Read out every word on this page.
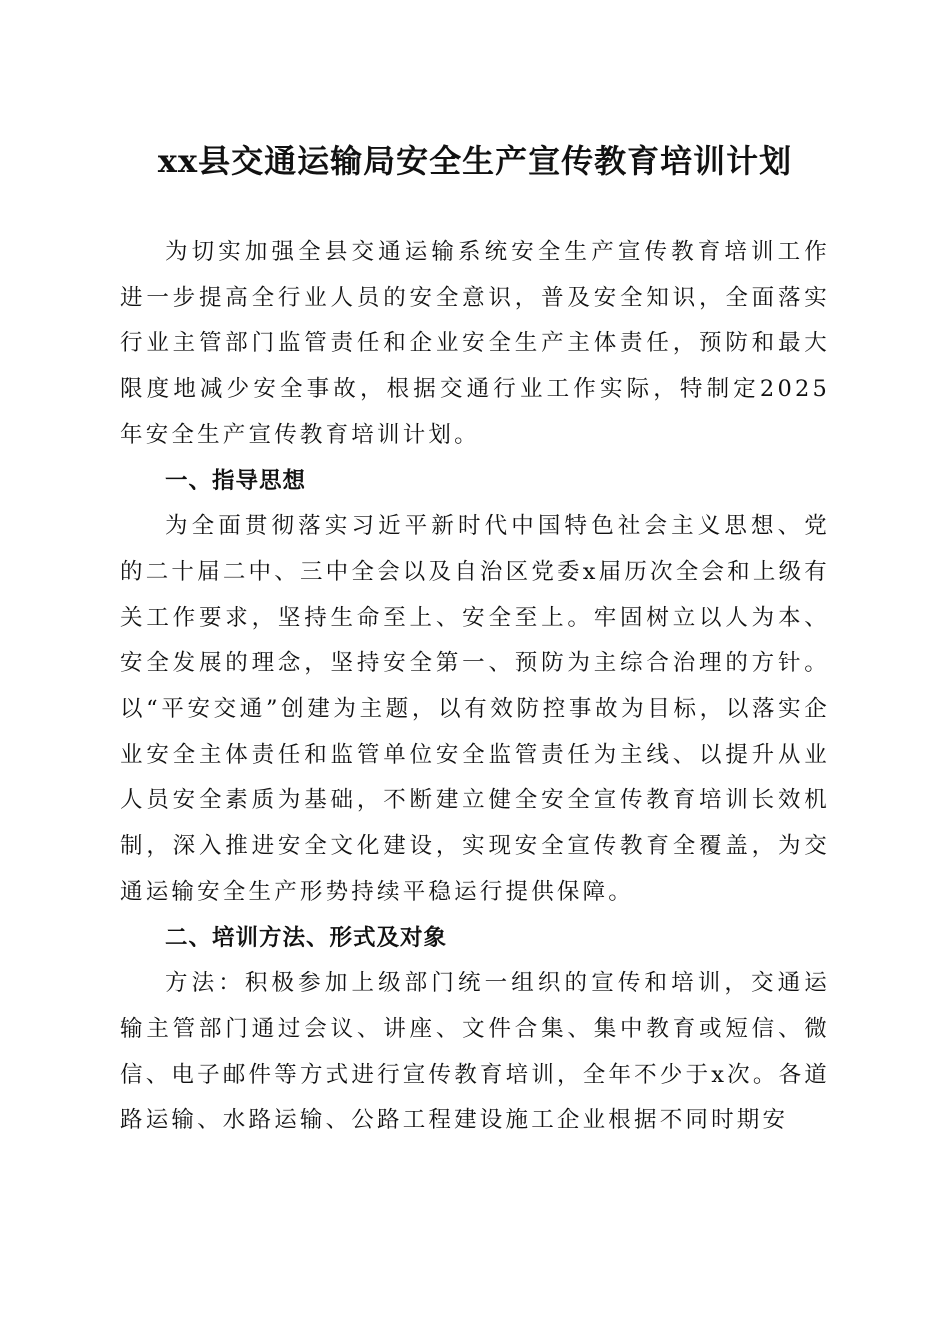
xx县交通运输局安全生产宣传教育培训计划

为切实加强全县交通运输系统安全生产宣传教育培训工作进一步提高全行业人员的安全意识，普及安全知识，全面落实行业主管部门监管责任和企业安全生产主体责任，预防和最大限度地减少安全事故，根据交通行业工作实际，特制定2025年安全生产宣传教育培训计划。

一、指导思想

为全面贯彻落实习近平新时代中国特色社会主义思想、党的二十届二中、三中全会以及自治区党委x届历次全会和上级有关工作要求，坚持生命至上、安全至上。牢固树立以人为本、安全发展的理念，坚持安全第一、预防为主综合治理的方针。以“平安交通”创建为主题，以有效防控事故为目标，以落实企业安全主体责任和监管单位安全监管责任为主线、以提升从业人员安全素质为基础，不断建立健全安全宣传教育培训长效机制，深入推进安全文化建设，实现安全宣传教育全覆盖，为交通运输安全生产形势持续平稳运行提供保障。

二、培训方法、形式及对象

方法：积极参加上级部门统一组织的宣传和培训，交通运输主管部门通过会议、讲座、文件合集、集中教育或短信、微信、电子邮件等方式进行宣传教育培训，全年不少于x次。各道路运输、水路运输、公路工程建设施工企业根据不同时期安
